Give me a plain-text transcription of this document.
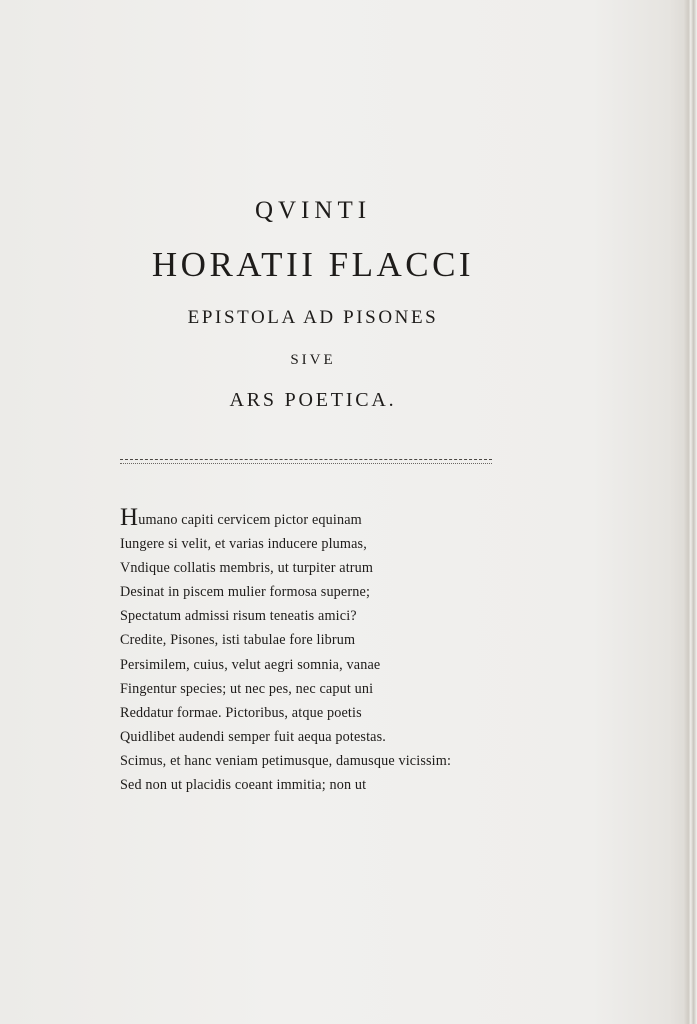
QVINTI
HORATII FLACCI
EPISTOLA AD PISONES
SIVE
ARS POETICA.
Humano capiti cervicem pictor equinam
Iungere si velit, et varias inducere plumas,
Vndique collatis membris, ut turpiter atrum
Desinat in piscem mulier formosa superne;
Spectatum admissi risum teneatis amici?
Credite, Pisones, isti tabulae fore librum
Persimilem, cuius, velut aegri somnia, vanae
Fingentur species; ut nec pes, nec caput uni
Reddatur formae. Pictoribus, atque poetis
Quidlibet audendi semper fuit aequa potestas.
Scimus, et hanc veniam petimusque, damusque vicissim:
Sed non ut placidis coeant immitia; non ut
